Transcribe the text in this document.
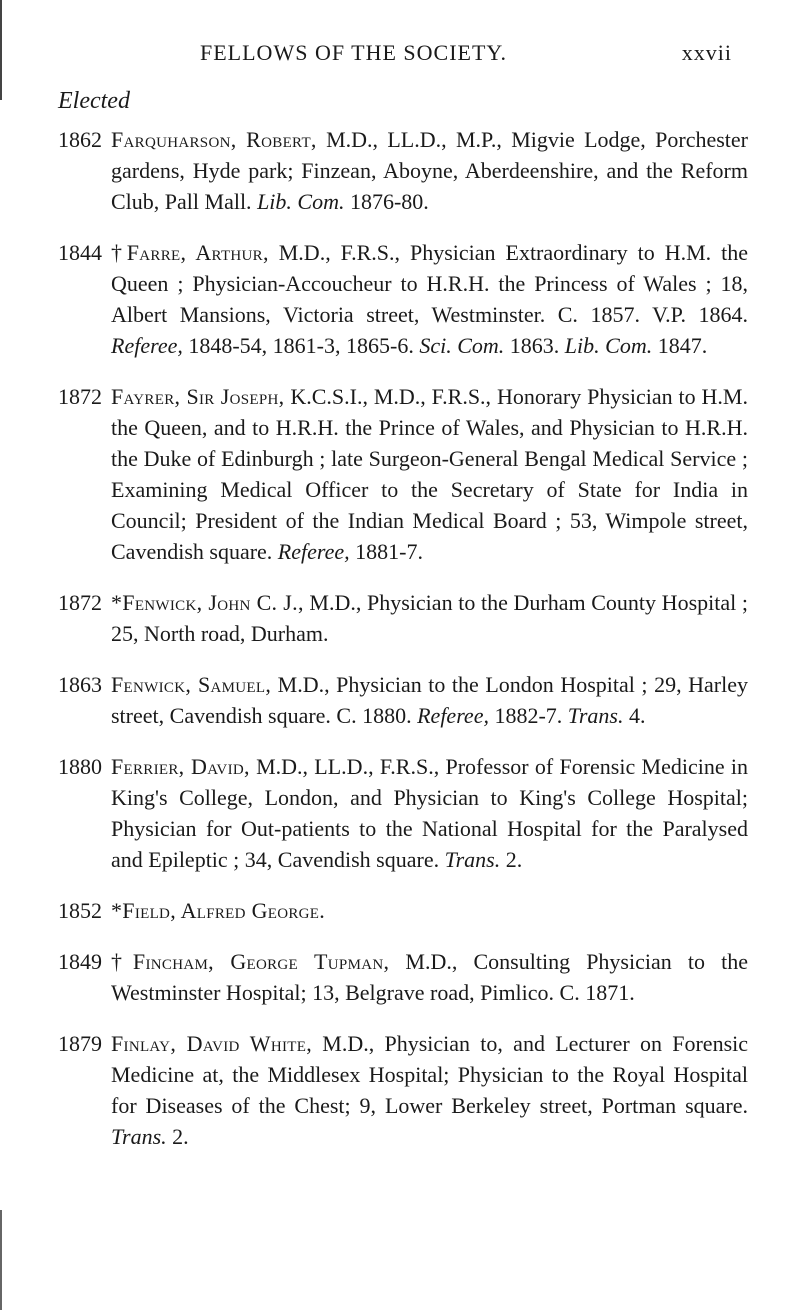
FELLOWS OF THE SOCIETY.	xxvii
Elected
1862 Farquharson, Robert, M.D., LL.D., M.P., Migvie Lodge, Porchester gardens, Hyde park; Finzean, Aboyne, Aberdeenshire, and the Reform Club, Pall Mall. Lib. Com. 1876-80.
1844 †Farre, Arthur, M.D., F.R.S., Physician Extraordinary to H.M. the Queen ; Physician-Accoucheur to H.R.H. the Princess of Wales ; 18, Albert Mansions, Victoria street, Westminster. C. 1857. V.P. 1864. Referee, 1848-54, 1861-3, 1865-6. Sci. Com. 1863. Lib. Com. 1847.
1872 Fayrer, Sir Joseph, K.C.S.I., M.D., F.R.S., Honorary Physician to H.M. the Queen, and to H.R.H. the Prince of Wales, and Physician to H.R.H. the Duke of Edinburgh ; late Surgeon-General Bengal Medical Service ; Examining Medical Officer to the Secretary of State for India in Council; President of the Indian Medical Board ; 53, Wimpole street, Cavendish square. Referee, 1881-7.
1872 *Fenwick, John C. J., M.D., Physician to the Durham County Hospital ; 25, North road, Durham.
1863 Fenwick, Samuel, M.D., Physician to the London Hospital ; 29, Harley street, Cavendish square. C. 1880. Referee, 1882-7. Trans. 4.
1880 Ferrier, David, M.D., LL.D., F.R.S., Professor of Forensic Medicine in King's College, London, and Physician to King's College Hospital; Physician for Out-patients to the National Hospital for the Paralysed and Epileptic ; 34, Cavendish square. Trans. 2.
1852 *Field, Alfred George.
1849 †Fincham, George Tupman, M.D., Consulting Physician to the Westminster Hospital; 13, Belgrave road, Pimlico. C. 1871.
1879 Finlay, David White, M.D., Physician to, and Lecturer on Forensic Medicine at, the Middlesex Hospital; Physician to the Royal Hospital for Diseases of the Chest; 9, Lower Berkeley street, Portman square. Trans. 2.
